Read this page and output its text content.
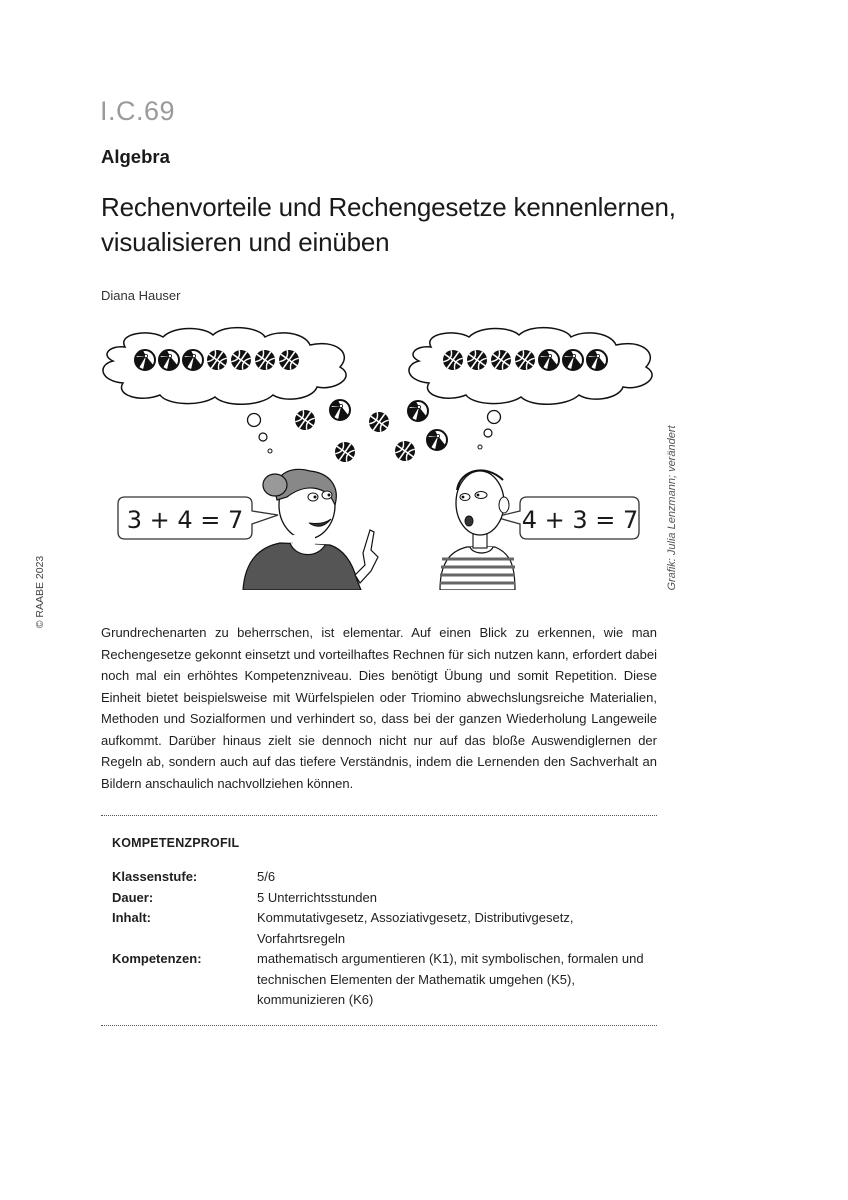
I.C.69
Algebra
Rechenvorteile und Rechengesetze kennenlernen, visualisieren und einüben
Diana Hauser
3 + 4 = 7	4 + 3 = 7	Grafik: Julia Lenzmann; verändert
© RAABE 2023
Grundrechenarten zu beherrschen, ist elementar. Auf einen Blick zu erkennen, wie man Rechengesetze gekonnt einsetzt und vorteilhaftes Rechnen für sich nutzen kann, erfordert dabei noch mal ein erhöhtes Kompetenzniveau. Dies benötigt Übung und somit Repetition. Diese Einheit bietet beispielsweise mit Würfelspielen oder Triomino abwechslungsreiche Materialien, Methoden und Sozialformen und verhindert so, dass bei der ganzen Wiederholung Langeweile aufkommt. Darüber hinaus zielt sie dennoch nicht nur auf das bloße Auswendiglernen der Regeln ab, sondern auch auf das tiefere Verständnis, indem die Lernenden den Sachverhalt an Bildern anschaulich nachvollziehen können.
KOMPETENZPROFIL
Klassenstufe:	5/6
Dauer:	5 Unterrichtsstunden
Inhalt:	Kommutativgesetz, Assoziativgesetz, Distributivgesetz, Vorfahrtsregeln
Kompetenzen:	mathematisch argumentieren (K1), mit symbolischen, formalen und technischen Elementen der Mathematik umgehen (K5), kommunizieren (K6)
